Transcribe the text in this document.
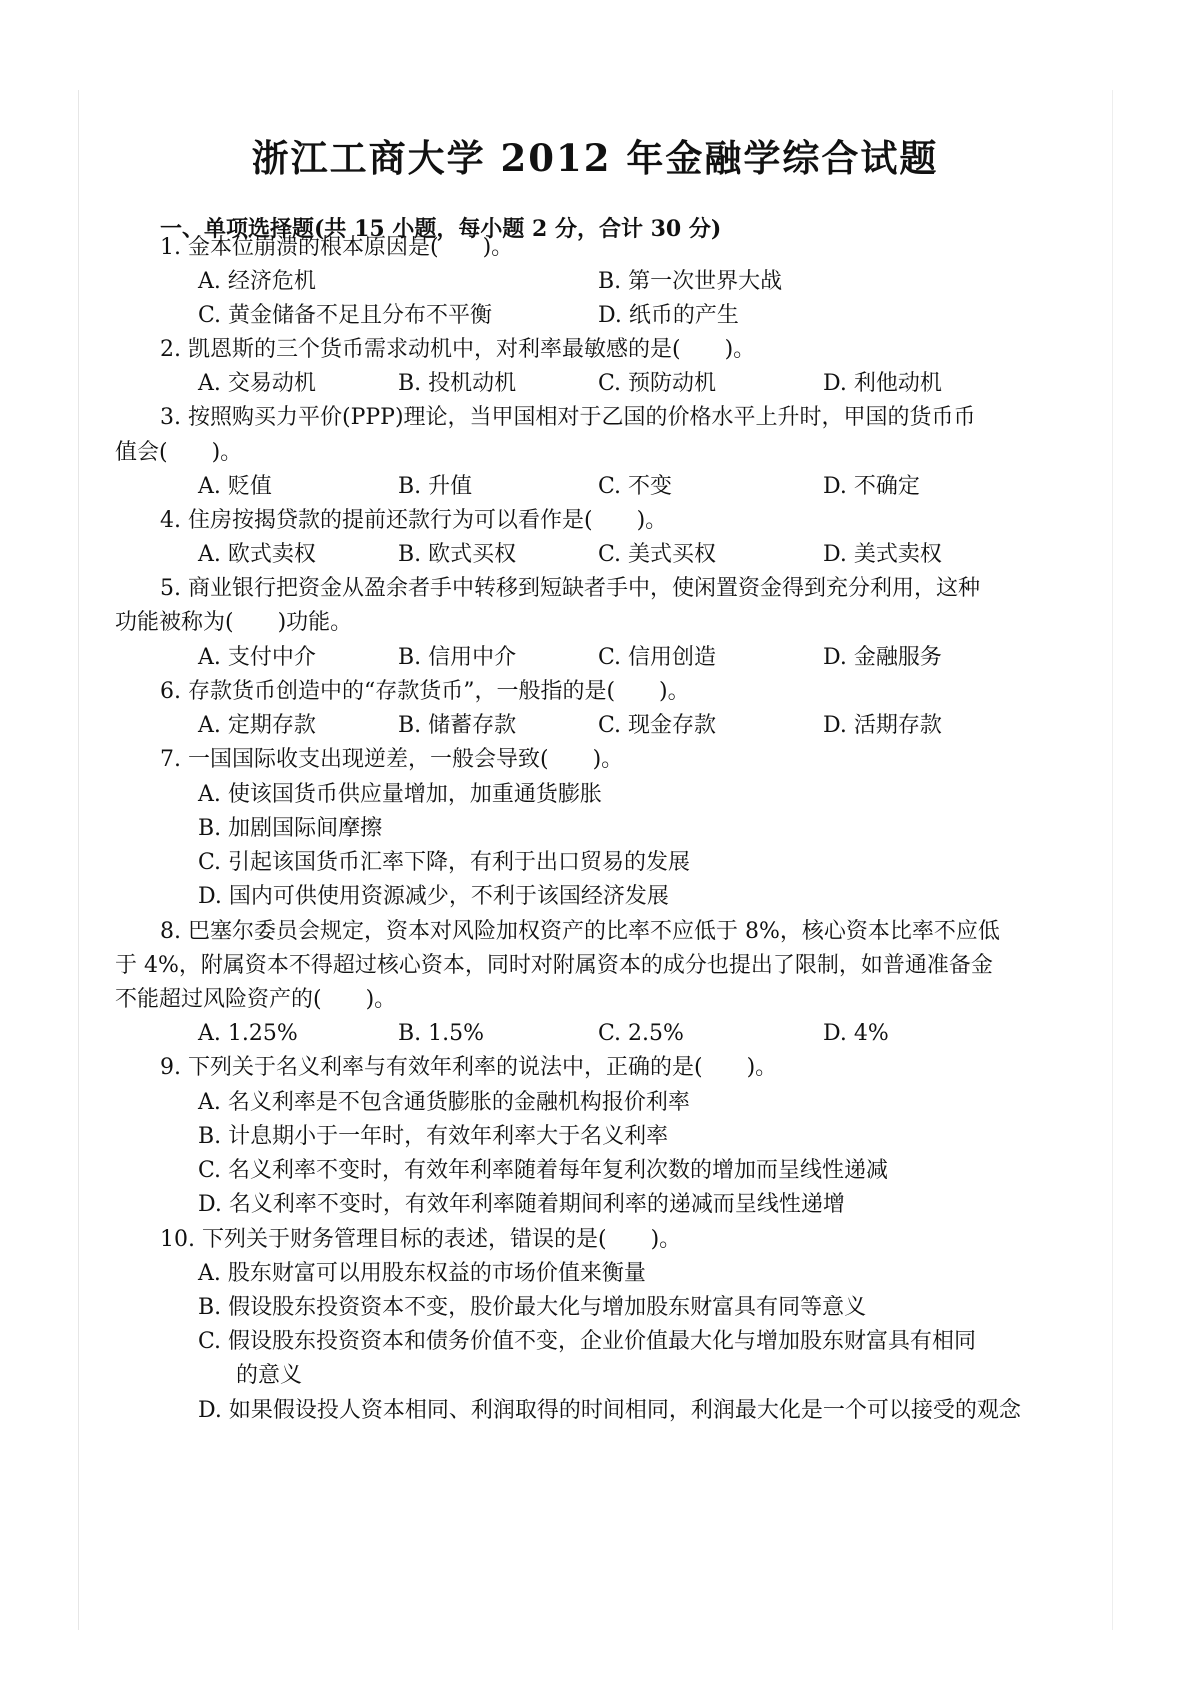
浙江工商大学 2012 年金融学综合试题
一、单项选择题(共 15 小题，每小题 2 分，合计 30 分)
1. 金本位崩溃的根本原因是(　　)。
A. 经济危机	B. 第一次世界大战
C. 黄金储备不足且分布不平衡	D. 纸币的产生
2. 凯恩斯的三个货币需求动机中，对利率最敏感的是(　　)。
A. 交易动机	B. 投机动机	C. 预防动机	D. 利他动机
3. 按照购买力平价(PPP)理论，当甲国相对于乙国的价格水平上升时，甲国的货币币
值会(　　)。
A. 贬值	B. 升值	C. 不变	D. 不确定
4. 住房按揭贷款的提前还款行为可以看作是(　　)。
A. 欧式卖权	B. 欧式买权	C. 美式买权	D. 美式卖权
5. 商业银行把资金从盈余者手中转移到短缺者手中，使闲置资金得到充分利用，这种
功能被称为(　　)功能。
A. 支付中介	B. 信用中介	C. 信用创造	D. 金融服务
6. 存款货币创造中的“存款货币”，一般指的是(　　)。
A. 定期存款	B. 储蓄存款	C. 现金存款	D. 活期存款
7. 一国国际收支出现逆差，一般会导致(　　)。
A. 使该国货币供应量增加，加重通货膨胀
B. 加剧国际间摩擦
C. 引起该国货币汇率下降，有利于出口贸易的发展
D. 国内可供使用资源减少，不利于该国经济发展
8. 巴塞尔委员会规定，资本对风险加权资产的比率不应低于 8%，核心资本比率不应低
于 4%，附属资本不得超过核心资本，同时对附属资本的成分也提出了限制，如普通准备金
不能超过风险资产的(　　)。
A. 1.25%	B. 1.5%	C. 2.5%	D. 4%
9. 下列关于名义利率与有效年利率的说法中，正确的是(　　)。
A. 名义利率是不包含通货膨胀的金融机构报价利率
B. 计息期小于一年时，有效年利率大于名义利率
C. 名义利率不变时，有效年利率随着每年复利次数的增加而呈线性递减
D. 名义利率不变时，有效年利率随着期间利率的递减而呈线性递增
10. 下列关于财务管理目标的表述，错误的是(　　)。
A. 股东财富可以用股东权益的市场价值来衡量
B. 假设股东投资资本不变，股价最大化与增加股东财富具有同等意义
C. 假设股东投资资本和债务价值不变，企业价值最大化与增加股东财富具有相同
的意义
D. 如果假设投人资本相同、利润取得的时间相同，利润最大化是一个可以接受的观念
